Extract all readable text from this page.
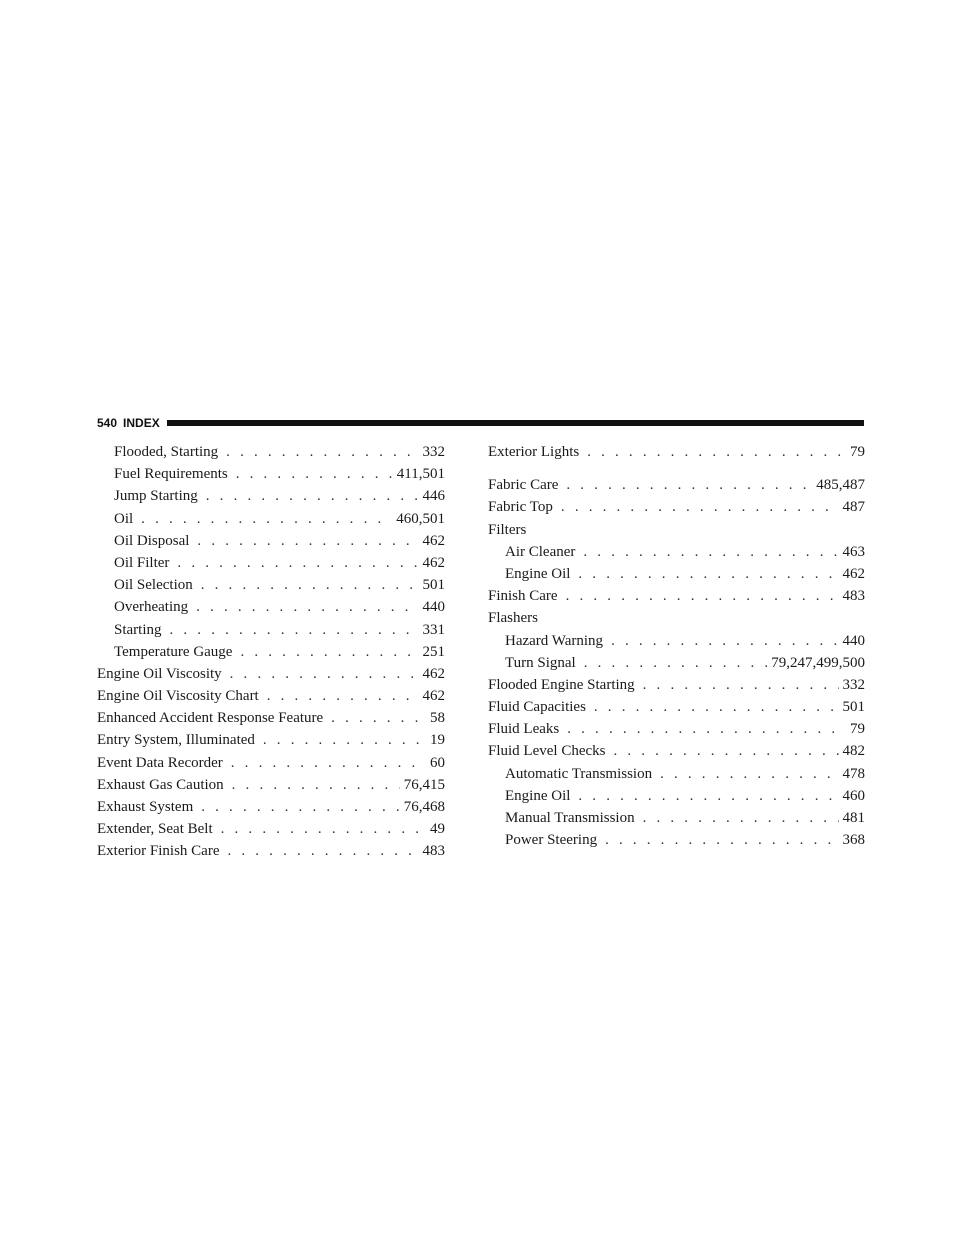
540 INDEX
Flooded, Starting . . .	332
Fuel Requirements . . .	411,501
Jump Starting . . .	446
Oil . . .	460,501
Oil Disposal . . .	462
Oil Filter . . .	462
Oil Selection . . .	501
Overheating . . .	440
Starting . . .	331
Temperature Gauge . . .	251
Engine Oil Viscosity . . .	462
Engine Oil Viscosity Chart . . .	462
Enhanced Accident Response Feature . . .	58
Entry System, Illuminated . . .	19
Event Data Recorder . . .	60
Exhaust Gas Caution . . .	76,415
Exhaust System . . .	76,468
Extender, Seat Belt . . .	49
Exterior Finish Care . . .	483
Exterior Lights . . .	79
Fabric Care . . .	485,487
Fabric Top . . .	487
Filters
Air Cleaner . . .	463
Engine Oil . . .	462
Finish Care . . .	483
Flashers
Hazard Warning . . .	440
Turn Signal . . .	79,247,499,500
Flooded Engine Starting . . .	332
Fluid Capacities . . .	501
Fluid Leaks . . .	79
Fluid Level Checks . . .	482
Automatic Transmission . . .	478
Engine Oil . . .	460
Manual Transmission . . .	481
Power Steering . . .	368
